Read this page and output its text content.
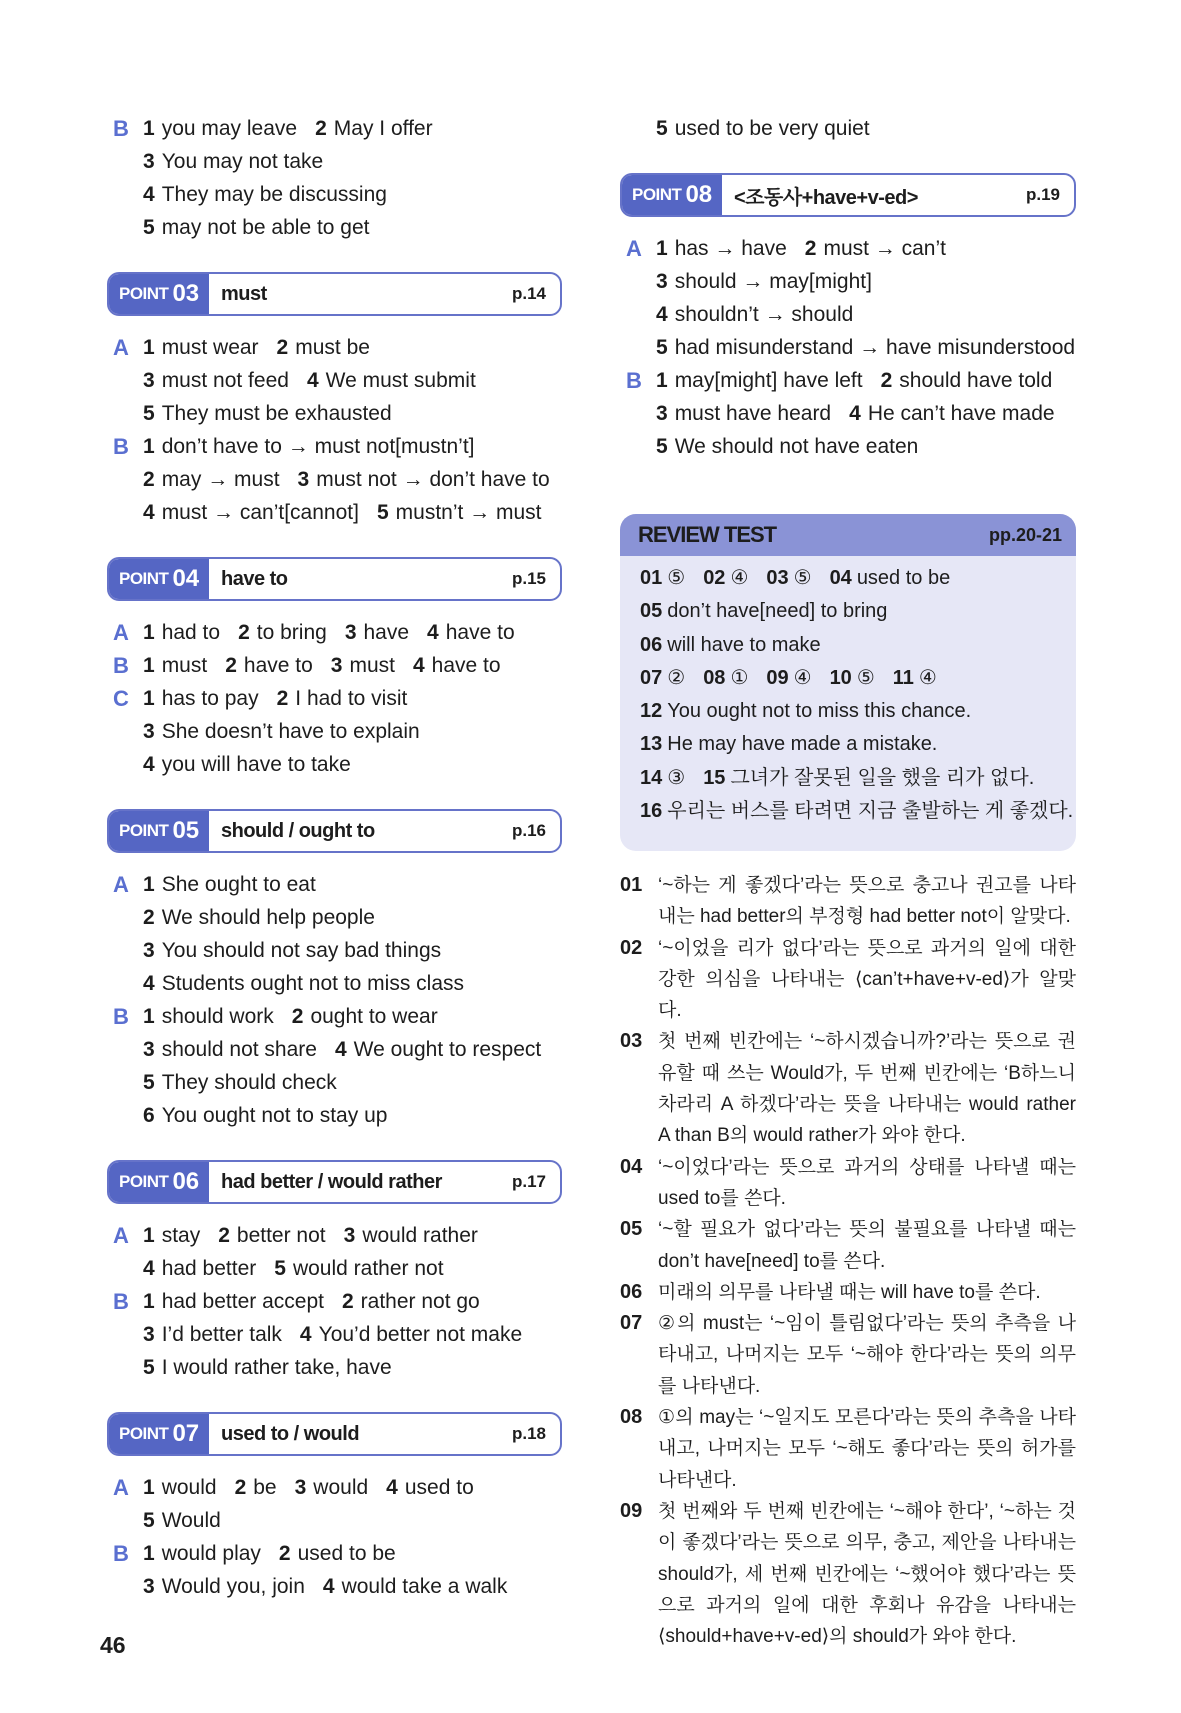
B 1 you may leave 2 May I offer
3 You may not take
4 They may be discussing
5 may not be able to get
POINT 03	must	p.14
A 1 must wear 2 must be
3 must not feed 4 We must submit
5 They must be exhausted
B 1 don’t have to → must not[mustn’t]
2 may → must 3 must not → don’t have to
4 must → can’t[cannot] 5 mustn’t → must
POINT 04	have to	p.15
A 1 had to 2 to bring 3 have 4 have to
B 1 must 2 have to 3 must 4 have to
C 1 has to pay 2 I had to visit
3 She doesn’t have to explain
4 you will have to take
POINT 05	should / ought to	p.16
A 1 She ought to eat
2 We should help people
3 You should not say bad things
4 Students ought not to miss class
B 1 should work 2 ought to wear
3 should not share 4 We ought to respect
5 They should check
6 You ought not to stay up
POINT 06	had better / would rather	p.17
A 1 stay 2 better not 3 would rather
4 had better 5 would rather not
B 1 had better accept 2 rather not go
3 I’d better talk 4 You’d better not make
5 I would rather take, have
POINT 07	used to / would	p.18
A 1 would 2 be 3 would 4 used to
5 Would
B 1 would play 2 used to be
3 Would you, join 4 would take a walk
5 used to be very quiet
POINT 08	<조동사+have+v-ed>	p.19
A 1 has → have 2 must → can’t
3 should → may[might]
4 shouldn’t → should
5 had misunderstand → have misunderstood
B 1 may[might] have left 2 should have told
3 must have heard 4 He can’t have made
5 We should not have eaten
REVIEW TEST	pp.20-21
01 ⑤ 02 ④ 03 ⑤ 04 used to be
05 don’t have[need] to bring
06 will have to make
07 ② 08 ① 09 ④ 10 ⑤ 11 ④
12 You ought not to miss this chance.
13 He may have made a mistake.
14 ③ 15 그녀가 잘못된 일을 했을 리가 없다.
16 우리는 버스를 타려면 지금 출발하는 게 좋겠다.
01 ‘~하는 게 좋겠다’라는 뜻으로 충고나 권고를 나타내는 had better의 부정형 had better not이 알맞다.
02 ‘~이었을 리가 없다’라는 뜻으로 과거의 일에 대한 강한 의심을 나타내는 ⟨can’t+have+v-ed⟩가 알맞다.
03 첫 번째 빈칸에는 ‘~하시겠습니까?’라는 뜻으로 권유할 때 쓰는 Would가, 두 번째 빈칸에는 ‘B하느니 차라리 A 하겠다’라는 뜻을 나타내는 would rather A than B의 would rather가 와야 한다.
04 ‘~이었다’라는 뜻으로 과거의 상태를 나타낼 때는 used to를 쓴다.
05 ‘~할 필요가 없다’라는 뜻의 불필요를 나타낼 때는 don’t have[need] to를 쓴다.
06 미래의 의무를 나타낼 때는 will have to를 쓴다.
07 ②의 must는 ‘~임이 틀림없다’라는 뜻의 추측을 나타내고, 나머지는 모두 ‘~해야 한다’라는 뜻의 의무를 나타낸다.
08 ①의 may는 ‘~일지도 모른다’라는 뜻의 추측을 나타내고, 나머지는 모두 ‘~해도 좋다’라는 뜻의 허가를 나타낸다.
09 첫 번째와 두 번째 빈칸에는 ‘~해야 한다’, ‘~하는 것이 좋겠다’라는 뜻으로 의무, 충고, 제안을 나타내는 should가, 세 번째 빈칸에는 ‘~했어야 했다’라는 뜻으로 과거의 일에 대한 후회나 유감을 나타내는 ⟨should+have+v-ed⟩의 should가 와야 한다.
46
